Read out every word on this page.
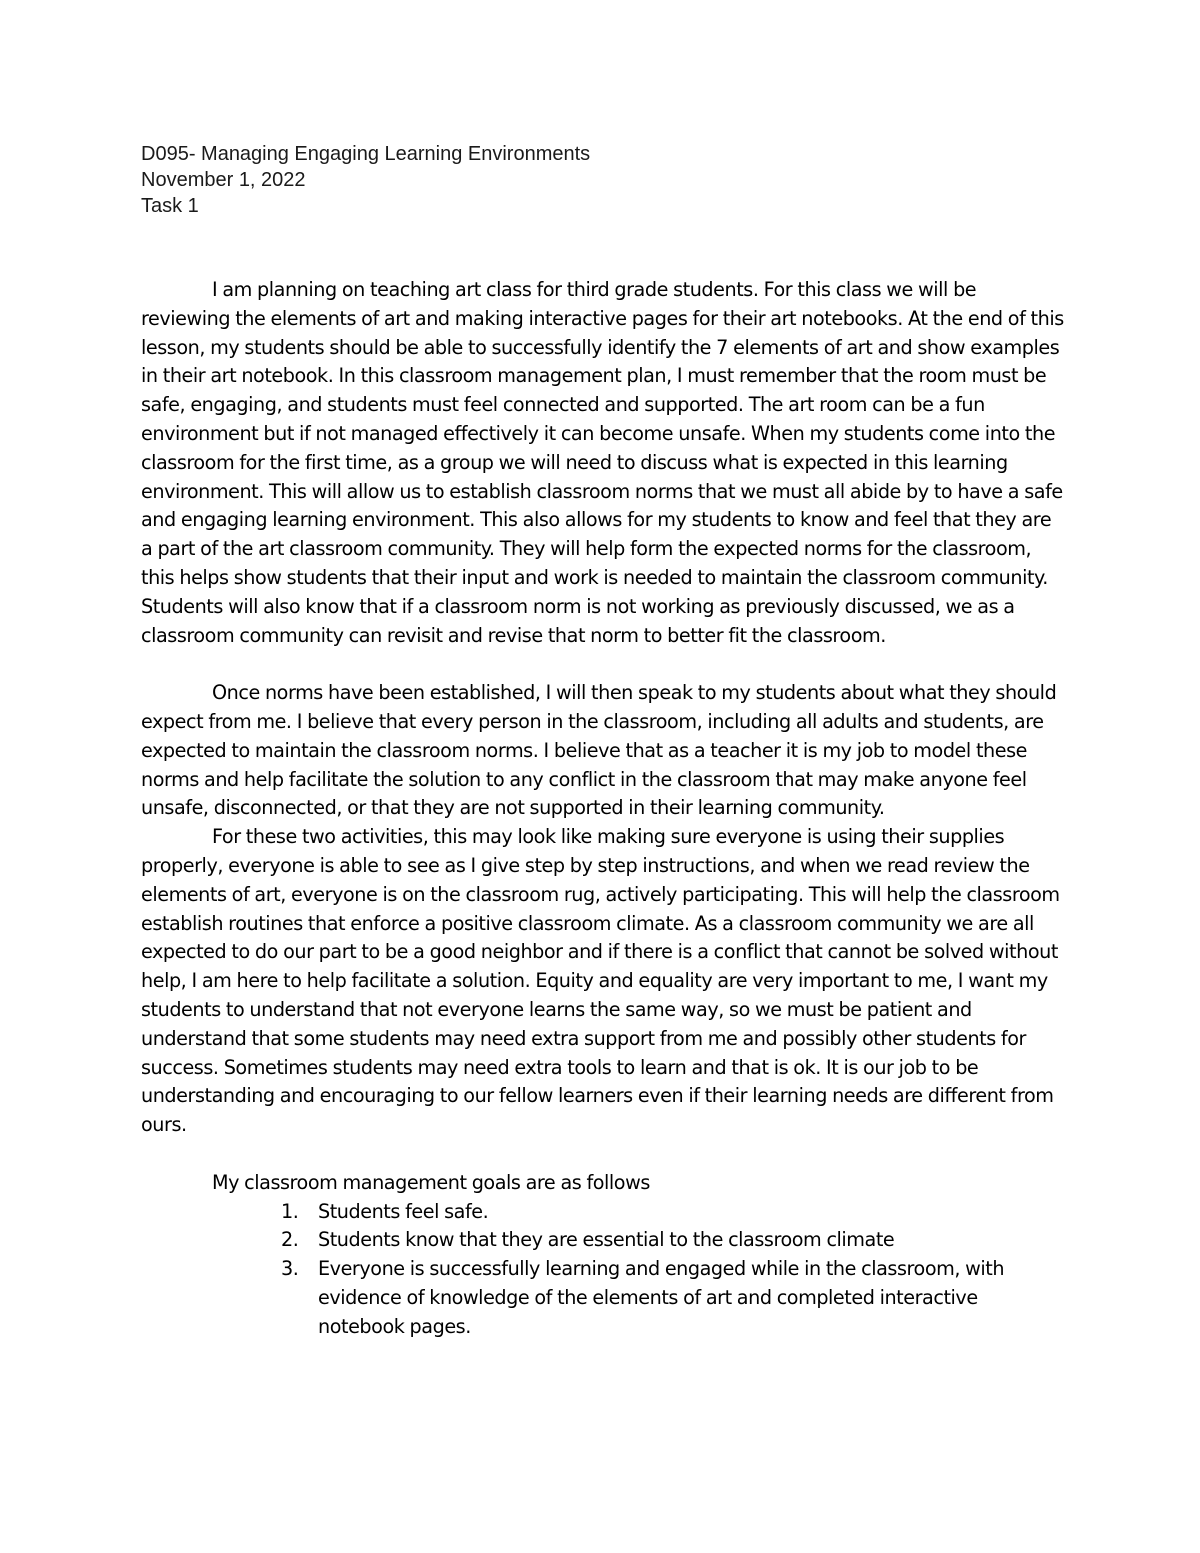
D095- Managing Engaging Learning Environments
November 1, 2022
Task 1

I am planning on teaching art class for third grade students. For this class we will be reviewing the elements of art and making interactive pages for their art notebooks. At the end of this lesson, my students should be able to successfully identify the 7 elements of art and show examples in their art notebook. In this classroom management plan, I must remember that the room must be safe, engaging, and students must feel connected and supported. The art room can be a fun environment but if not managed effectively it can become unsafe. When my students come into the classroom for the first time, as a group we will need to discuss what is expected in this learning environment. This will allow us to establish classroom norms that we must all abide by to have a safe and engaging learning environment. This also allows for my students to know and feel that they are a part of the art classroom community. They will help form the expected norms for the classroom, this helps show students that their input and work is needed to maintain the classroom community. Students will also know that if a classroom norm is not working as previously discussed, we as a classroom community can revisit and revise that norm to better fit the classroom.

Once norms have been established, I will then speak to my students about what they should expect from me. I believe that every person in the classroom, including all adults and students, are expected to maintain the classroom norms. I believe that as a teacher it is my job to model these norms and help facilitate the solution to any conflict in the classroom that may make anyone feel unsafe, disconnected, or that they are not supported in their learning community.

For these two activities, this may look like making sure everyone is using their supplies properly, everyone is able to see as I give step by step instructions, and when we read review the elements of art, everyone is on the classroom rug, actively participating. This will help the classroom establish routines that enforce a positive classroom climate. As a classroom community we are all expected to do our part to be a good neighbor and if there is a conflict that cannot be solved without help, I am here to help facilitate a solution. Equity and equality are very important to me, I want my students to understand that not everyone learns the same way, so we must be patient and understand that some students may need extra support from me and possibly other students for success. Sometimes students may need extra tools to learn and that is ok. It is our job to be understanding and encouraging to our fellow learners even if their learning needs are different from ours.

My classroom management goals are as follows
1. Students feel safe.
2. Students know that they are essential to the classroom climate
3. Everyone is successfully learning and engaged while in the classroom, with evidence of knowledge of the elements of art and completed interactive notebook pages.
